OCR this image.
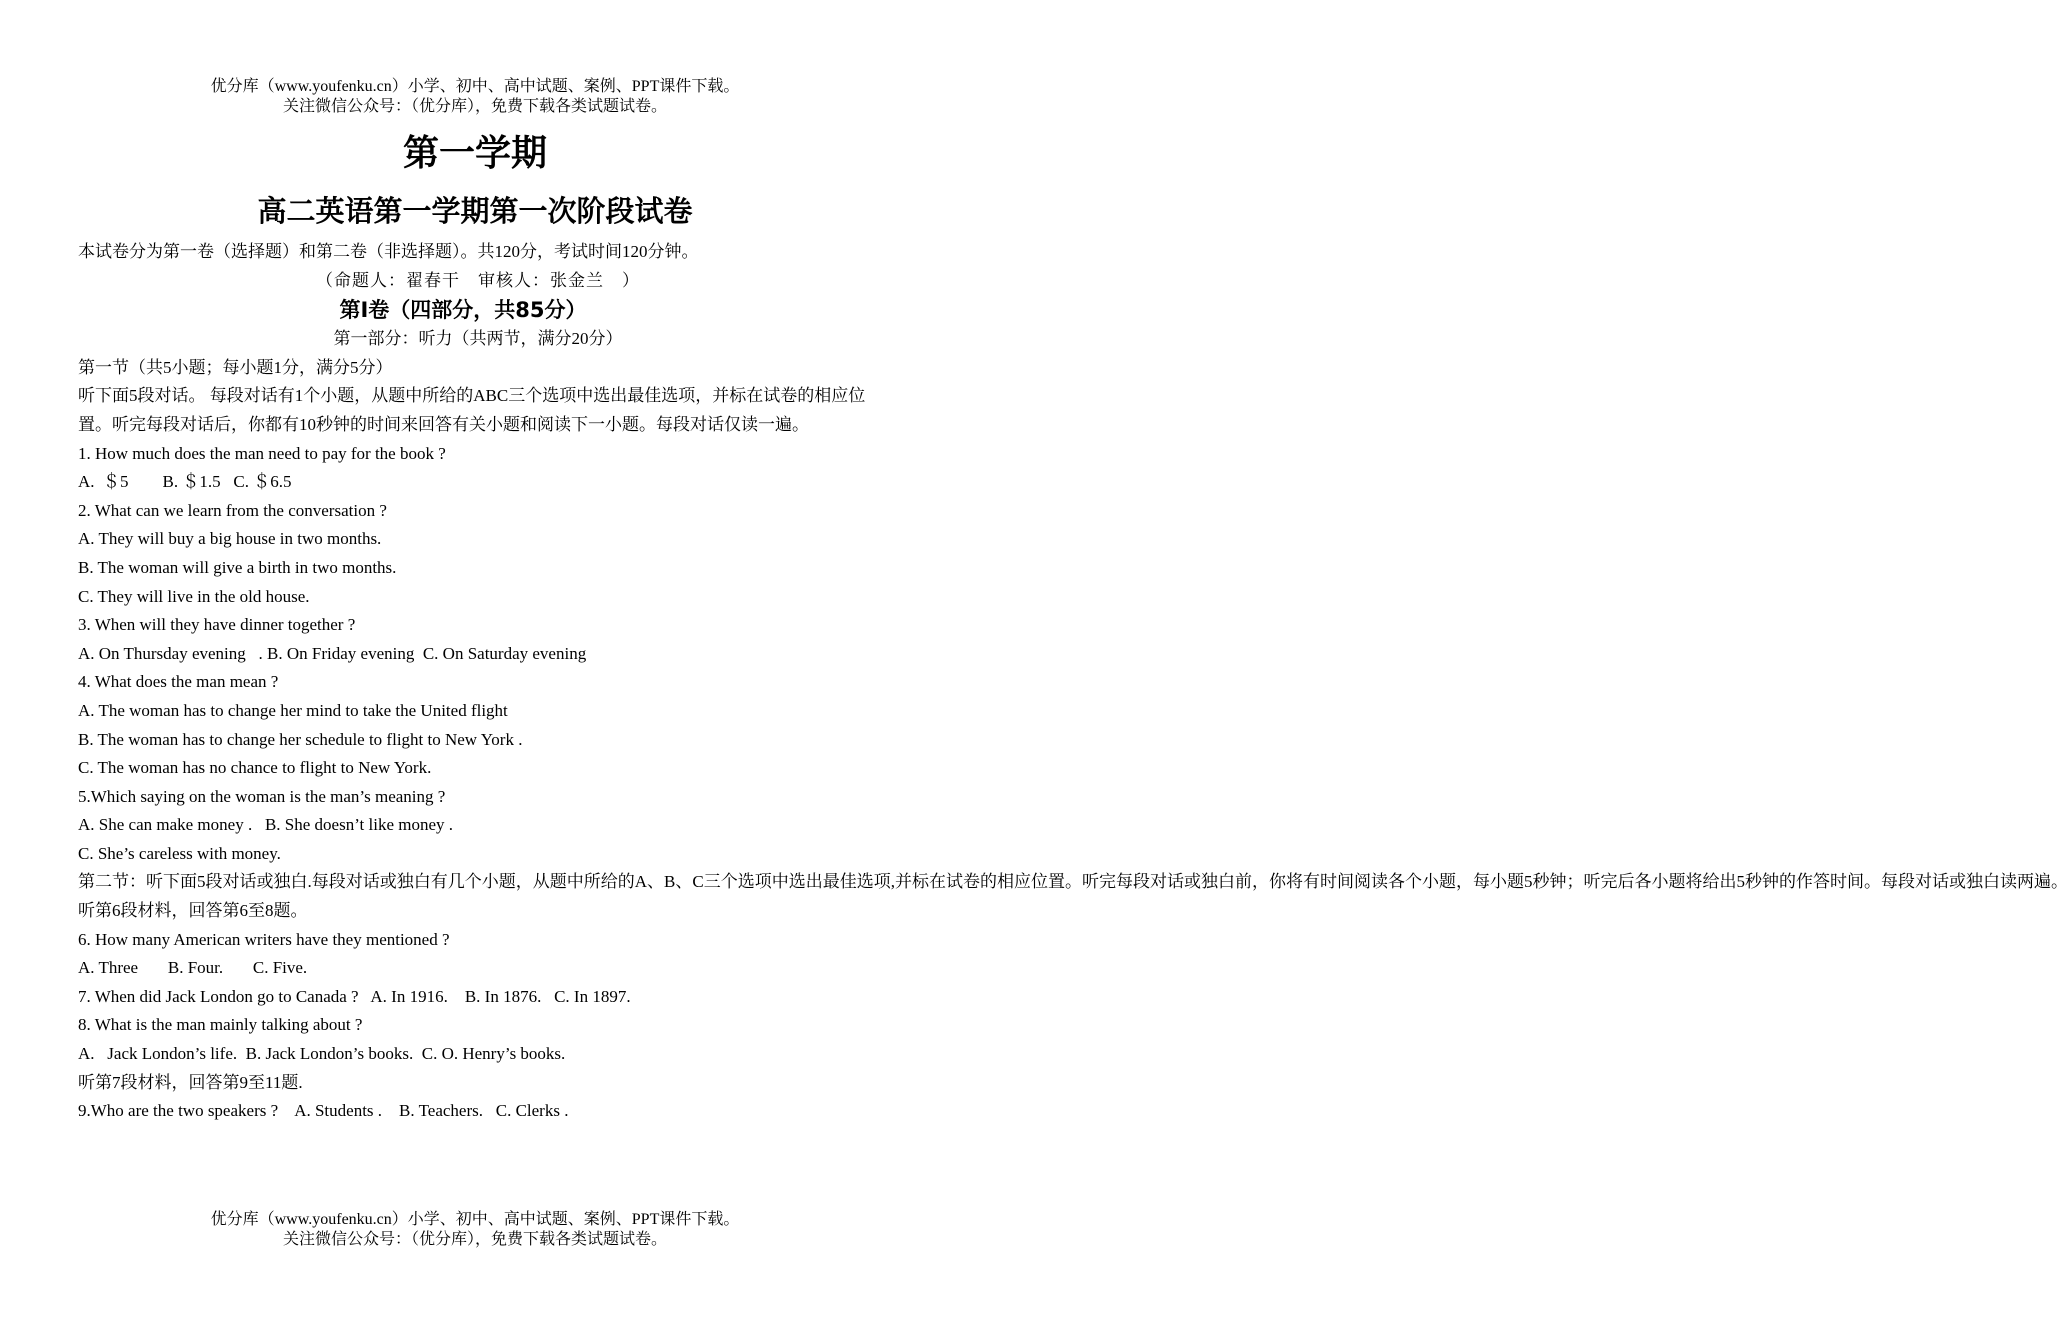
优分库（www.youfenku.cn）小学、初中、高中试题、案例、PPT课件下载。
关注微信公众号：（优分库），免费下载各类试题试卷。
第一学期
高二英语第一学期第一次阶段试卷

本试卷分为第一卷（选择题）和第二卷（非选择题）。共120分，考试时间120分钟。

（命题人：翟春干　审核人：张金兰　）

第Ⅰ卷（四部分，共85分）

第一部分：听力（共两节，满分20分）

第一节（共5小题；每小题1分，满分5分）

听下面5段对话。 每段对话有1个小题，从题中所给的ABC三个选项中选出最佳选项，并标在试卷的相应位置。听完每段对话后，你都有10秒钟的时间来回答有关小题和阅读下一小题。每段对话仅读一遍。

1. How much does the man need to pay for the book ?

A.  ＄5        B. ＄1.5   C. ＄6.5

2. What can we learn from the conversation ?

A. They will buy a big house in two months.

B. The woman will give a birth in two months.

C. They will live in the old house.

3. When will they have dinner together ?

A. On Thursday evening   . B. On Friday evening  C. On Saturday evening

4. What does the man mean ?

A. The woman has to change her mind to take the United flight

B. The woman has to change her schedule to flight to New York .

C. The woman has no chance to flight to New York.

5.Which saying on the woman is the man’s meaning ?

A. She can make money .   B. She doesn’t like money .

C. She’s careless with money.

第二节：听下面5段对话或独白.每段对话或独白有几个小题，从题中所给的A、B、C三个选项中选出最佳选项,并标在试卷的相应位置。听完每段对话或独白前，你将有时间阅读各个小题，每小题5秒钟；听完后各小题将给出5秒钟的作答时间。每段对话或独白读两遍。

听第6段材料，回答第6至8题。

6. How many American writers have they mentioned ?

A. Three       B. Four.       C. Five.

7. When did Jack London go to Canada ?   A. In 1916.    B. In 1876.   C. In 1897.

8. What is the man mainly talking about ?

A.   Jack London’s life.  B. Jack London’s books.  C. O. Henry’s books.

听第7段材料，回答第9至11题.

9.Who are the two speakers ?    A. Students .    B. Teachers.   C. Clerks .

优分库（www.youfenku.cn）小学、初中、高中试题、案例、PPT课件下载。
关注微信公众号：（优分库），免费下载各类试题试卷。
